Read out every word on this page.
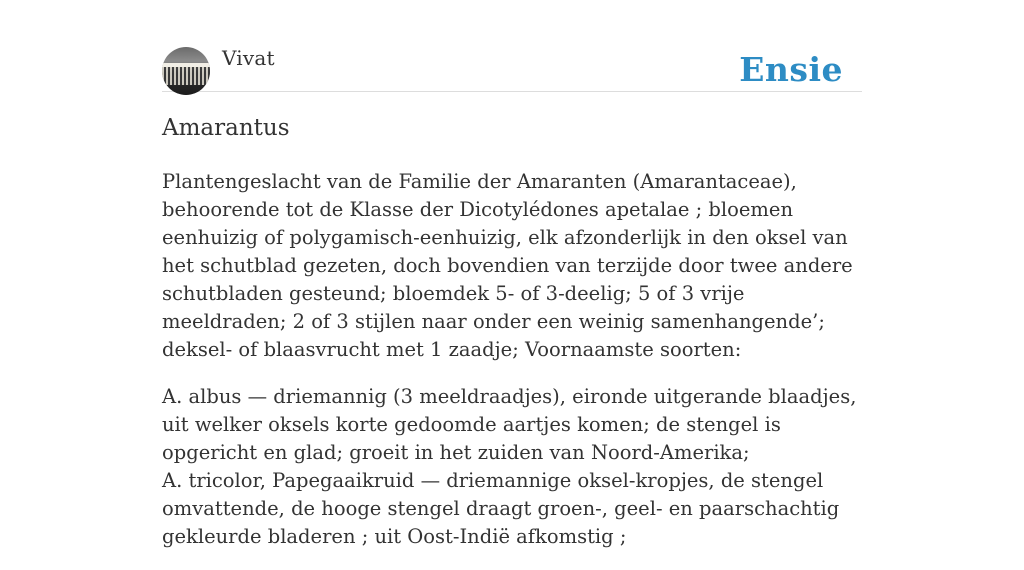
Vivat	Ensie
Amarantus

Plantengeslacht van de Familie der Amaranten (Amarantaceae), behoorende tot de Klasse der Dicotylédones apetalae ; bloemen eenhuizig of polygamisch-eenhuizig, elk afzonderlijk in den oksel van het schutblad gezeten, doch bovendien van terzijde door twee andere schutbladen gesteund; bloemdek 5- of 3-deelig; 5 of 3 vrije meeldraden; 2 of 3 stijlen naar onder een weinig samenhangende’; deksel- of blaasvrucht met 1 zaadje; Voornaamste soorten:

A. albus — driemannig (3 meeldraadjes), eironde uitgerande blaadjes, uit welker oksels korte gedoomde aartjes komen; de stengel is opgericht en glad; groeit in het zuiden van Noord-Amerika;

A. tricolor, Papegaaikruid — driemannige oksel-kropjes, de stengel omvattende, de hooge stengel draagt groen-, geel- en paarschachtig gekleurde bladeren ; uit Oost-Indië afkomstig ;
